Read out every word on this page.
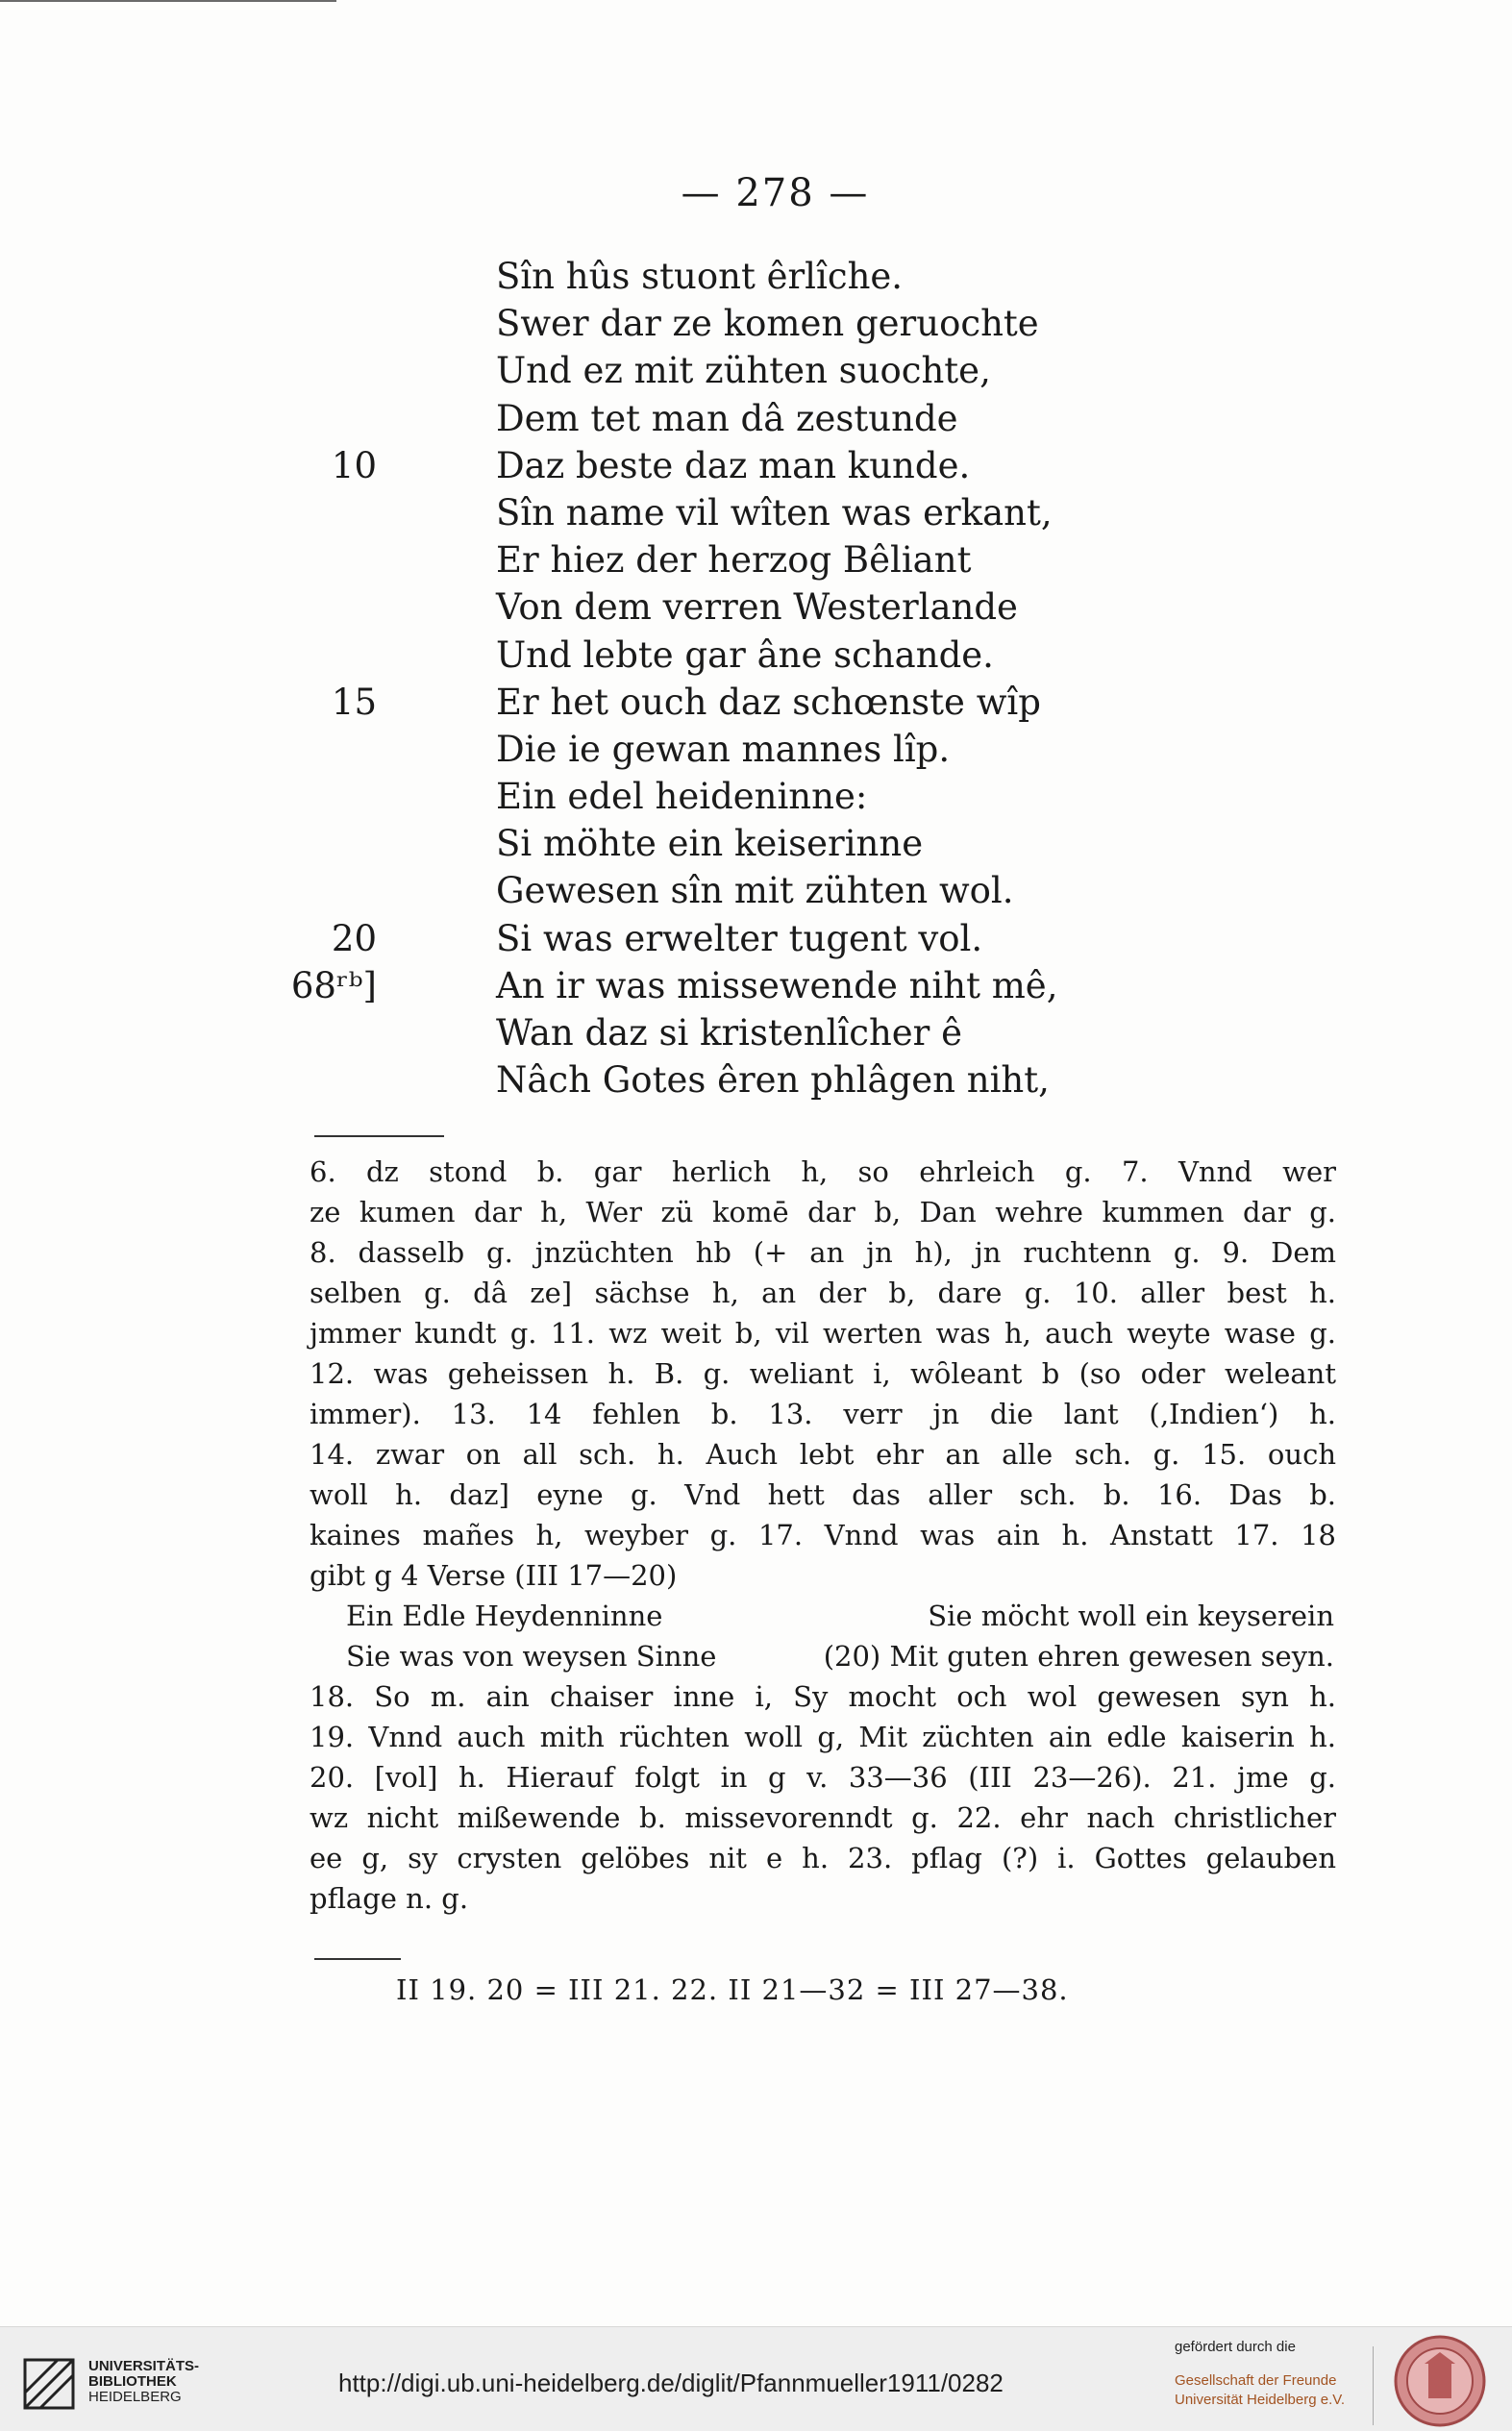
— 278 —
Sîn hûs stuont êrlîche.
Swer dar ze komen geruochte
Und ez mit zühten suochte,
Dem tet man dâ zestunde
10	Daz beste daz man kunde.
Sîn name vil wîten was erkant,
Er hiez der herzog Bêliant
Von dem verren Westerlande
Und lebte gar âne schande.
15	Er het ouch daz schœnste wîp
Die ie gewan mannes lîp.
Ein edel heideninne:
Si möhte ein keiserinne
Gewesen sîn mit zühten wol.
20	Si was erwelter tugent vol.
68ʳᵇ]	An ir was missewende niht mê,
Wan daz si kristenlîcher ê
Nâch Gotes êren phlâgen niht,
6. dz stond b. gar herlich h, so ehrleich g. 7. Vnnd wer
ze kumen dar h, Wer zü komē dar b, Dan wehre kummen dar g.
8. dasselb g. jnzüchten hb (+ an jn h), jn ruchtenn g. 9. Dem
selben g. dâ ze] sächse h, an der b, dare g. 10. aller best h.
jmmer kundt g. 11. wz weit b, vil werten was h, auch weyte wase g.
12. was geheissen h. B. g. weliant i, wȏleant b (so oder weleant
immer). 13. 14 fehlen b. 13. verr jn die lant (‚Indien‘) h.
14. zwar on all sch. h. Auch lebt ehr an alle sch. g. 15. ouch
woll h. daz] eyne g. Vnd hett das aller sch. b. 16. Das b.
kaines mañes h, weyber g. 17. Vnnd was ain h. Anstatt 17. 18
gibt g 4 Verse (III 17—20)
Ein Edle Heydenninne	Sie möcht woll ein keyserein
Sie was von weysen Sinne	(20) Mit guten ehren gewesen seyn.
18. So m. ain chaiser inne i, Sy mocht och wol gewesen syn h.
19. Vnnd auch mith rüchten woll g, Mit züchten ain edle kaiserin h.
20. [vol] h. Hierauf folgt in g v. 33—36 (III 23—26). 21. jme g.
wz nicht mißewende b. missevorenndt g. 22. ehr nach christlicher
ee g, sy crysten gelöbes nit e h. 23. pflag (?) i. Gottes gelauben
pflage n. g.
II 19. 20 = III 21. 22. II 21—32 = III 27—38.
UNIVERSITÄTS-
BIBLIOTHEK
HEIDELBERG	http://digi.ub.uni-heidelberg.de/diglit/Pfannmueller1911/0282
gefördert durch die
Gesellschaft der Freunde
Universität Heidelberg e.V.
